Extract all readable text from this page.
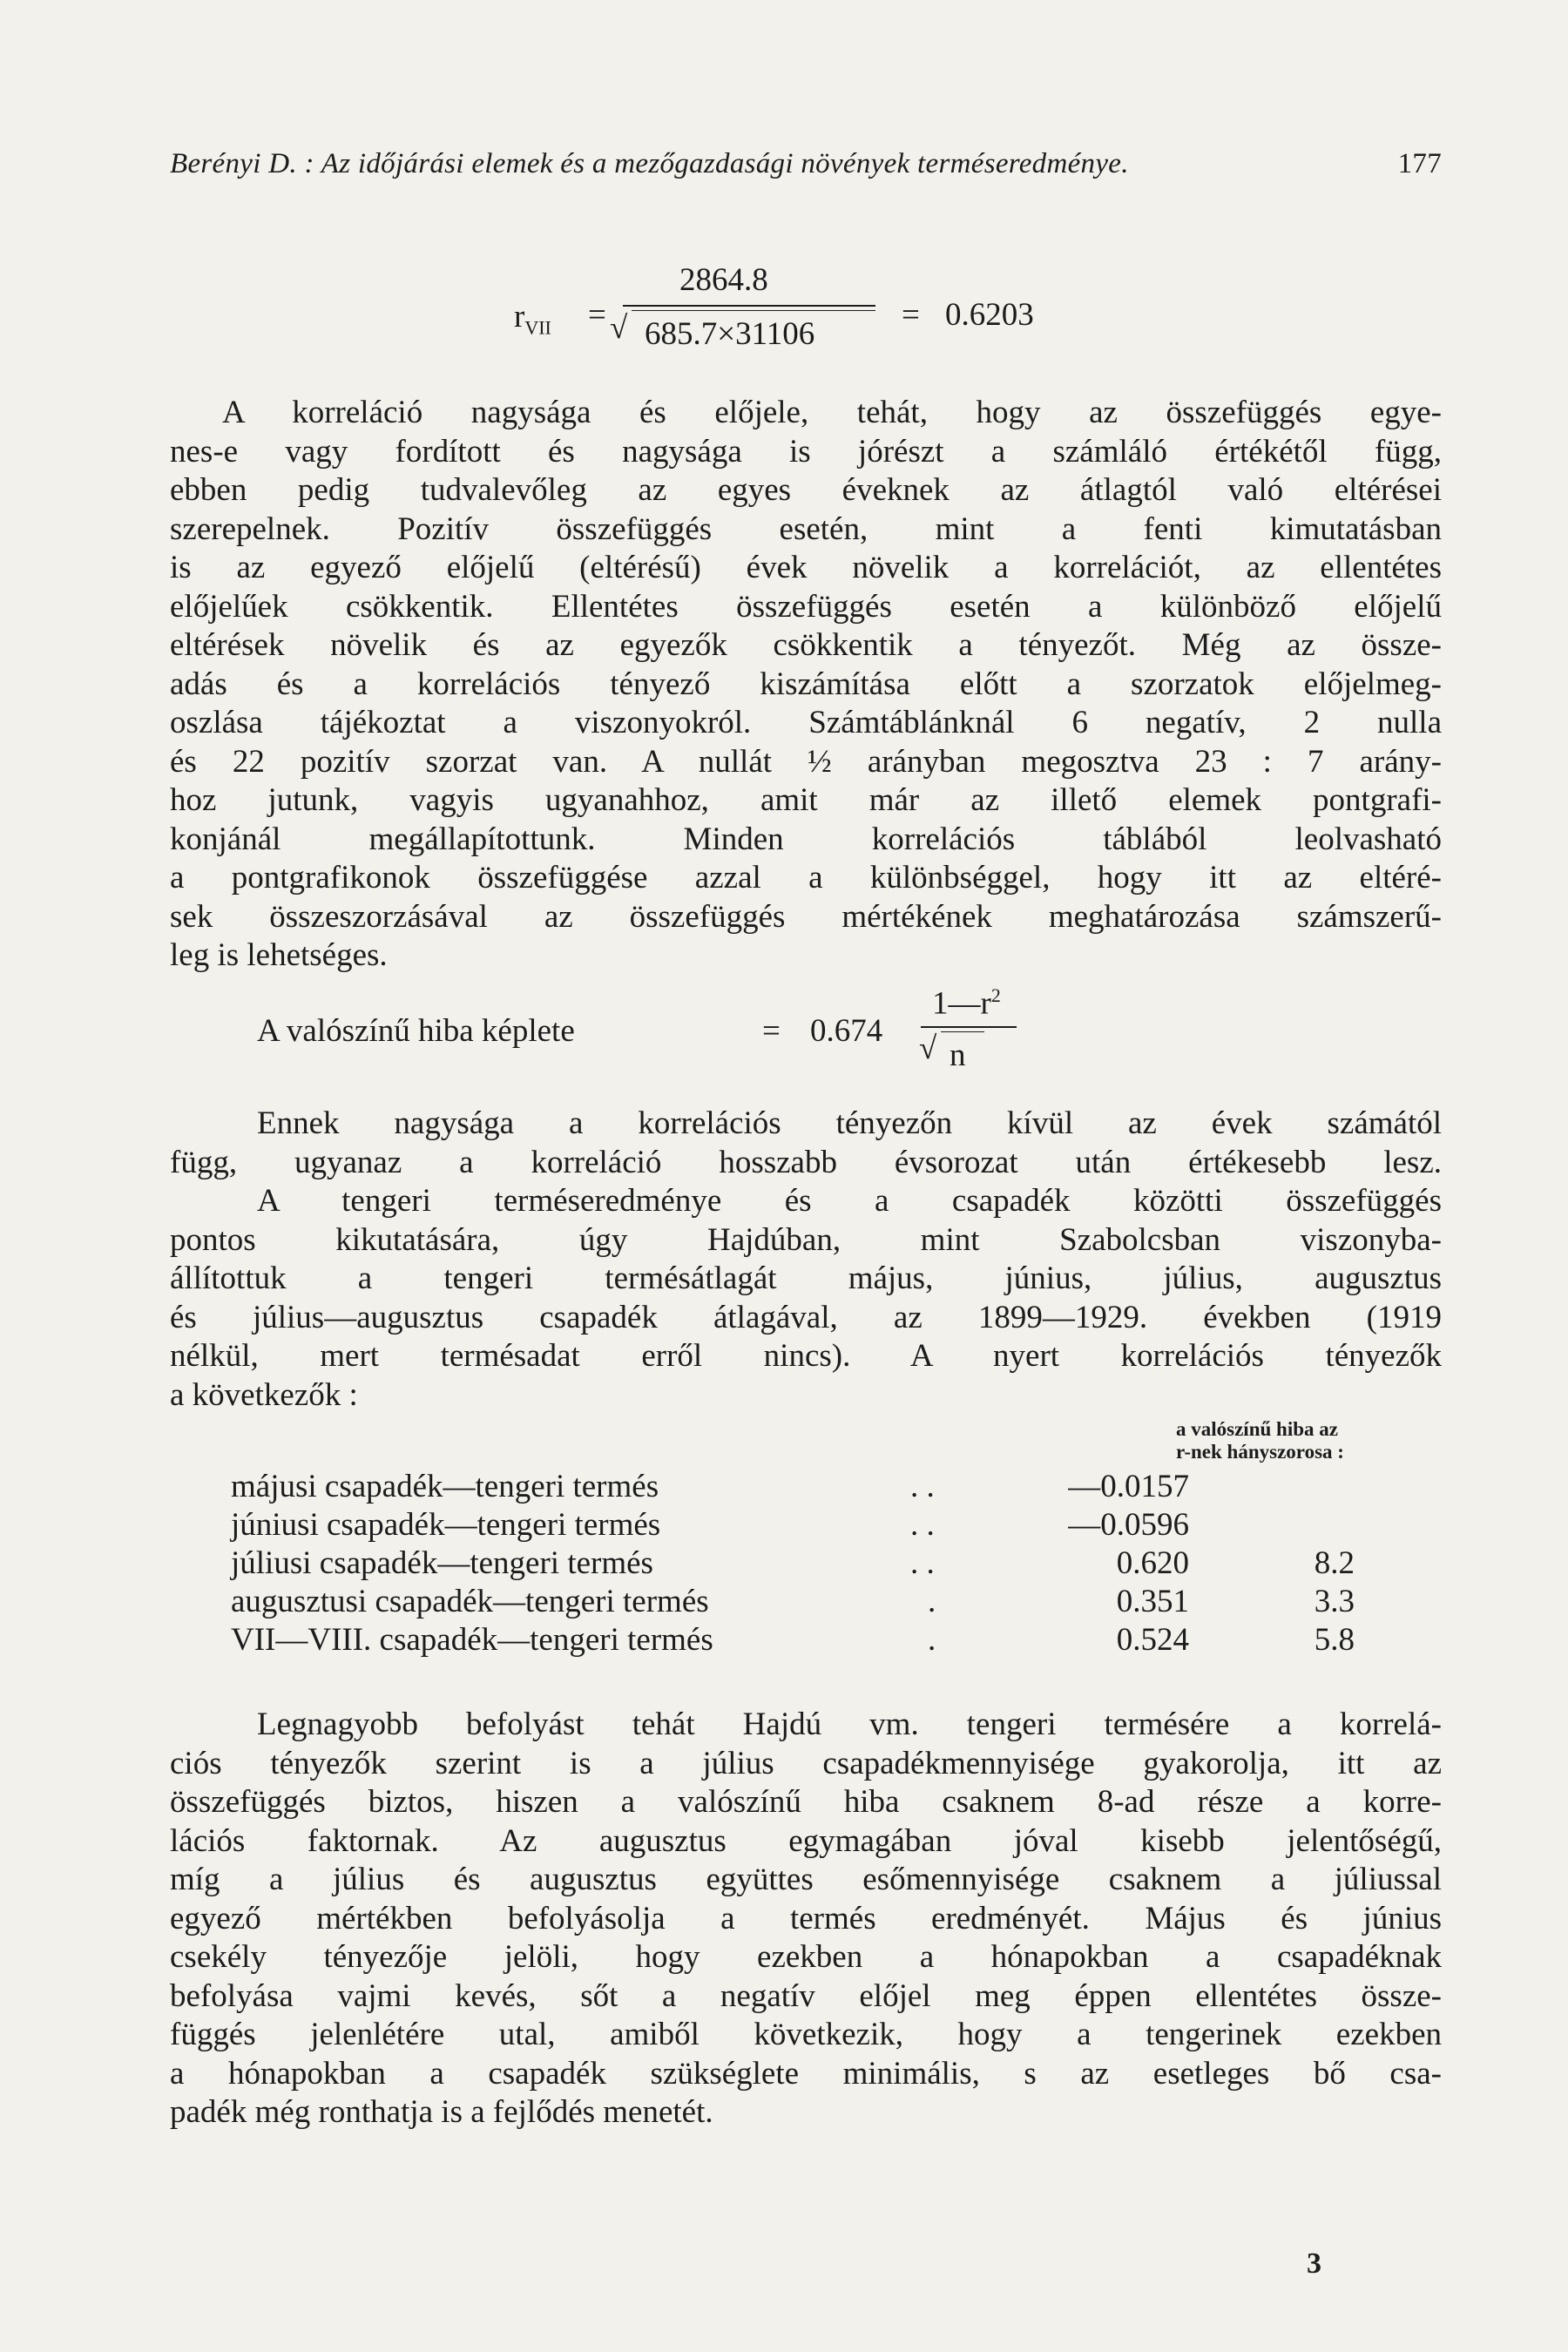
Berényi D. : Az időjárási elemek és a mezőgazdasági növények terméseredménye.	177
$r_{VII}$ =
2864.8
√ 685.7×31106
= 0.6203
A korreláció nagysága és előjele, tehát, hogy az összefüggés egye-
nes-e vagy fordított és nagysága is jórészt a számláló értékétől függ,
ebben pedig tudvalevőleg az egyes éveknek az átlagtól való eltérései
szerepelnek. Pozitív összefüggés esetén, mint a fenti kimutatásban
is az egyező előjelű (eltérésű) évek növelik a korrelációt, az ellentétes
előjelűek csökkentik. Ellentétes összefüggés esetén a különböző előjelű
eltérések növelik és az egyezők csökkentik a tényezőt. Még az össze-
adás és a korrelációs tényező kiszámítása előtt a szorzatok előjelmeg-
oszlása tájékoztat a viszonyokról. Számtáblánknál 6 negatív, 2 nulla
és 22 pozitív szorzat van. A nullát ½ arányban megosztva 23 : 7 arány-
hoz jutunk, vagyis ugyanahhoz, amit már az illető elemek pontgrafi-
konjánál megállapítottunk. Minden korrelációs táblából leolvasható
a pontgrafikonok összefüggése azzal a különbséggel, hogy itt az eltéré-
sek összeszorzásával az összefüggés mértékének meghatározása számszerű-
leg is lehetséges.
A valószínű hiba képlete	= 0.674
$1—r^2$
√ n
Ennek nagysága a korrelációs tényezőn kívül az évek számától
függ, ugyanaz a korreláció hosszabb évsorozat után értékesebb lesz.
A tengeri terméseredménye és a csapadék közötti összefüggés
pontos kikutatására, úgy Hajdúban, mint Szabolcsban viszonyba-
állítottuk a tengeri termésátlagát május, június, július, augusztus
és július—augusztus csapadék átlagával, az 1899—1929. években (1919
nélkül, mert termésadat erről nincs). A nyert korrelációs tényezők
a következők :
a valószínű hiba az
r-nek hányszorosa :
májusi csapadék—tengeri termés	. .	—0.0157
júniusi csapadék—tengeri termés	. .	—0.0596
júliusi csapadék—tengeri termés	. .	0.620	8.2
augusztusi csapadék—tengeri termés	.	0.351	3.3
VII—VIII. csapadék—tengeri termés	.	0.524	5.8
Legnagyobb befolyást tehát Hajdú vm. tengeri termésére a korrelá-
ciós tényezők szerint is a július csapadékmennyisége gyakorolja, itt az
összefüggés biztos, hiszen a valószínű hiba csaknem 8-ad része a korre-
lációs faktornak. Az augusztus egymagában jóval kisebb jelentőségű,
míg a július és augusztus együttes esőmennyisége csaknem a júliussal
egyező mértékben befolyásolja a termés eredményét. Május és június
csekély tényezője jelöli, hogy ezekben a hónapokban a csapadéknak
befolyása vajmi kevés, sőt a negatív előjel meg éppen ellentétes össze-
függés jelenlétére utal, amiből következik, hogy a tengerinek ezekben
a hónapokban a csapadék szükséglete minimális, s az esetleges bő csa-
padék még ronthatja is a fejlődés menetét.
3
